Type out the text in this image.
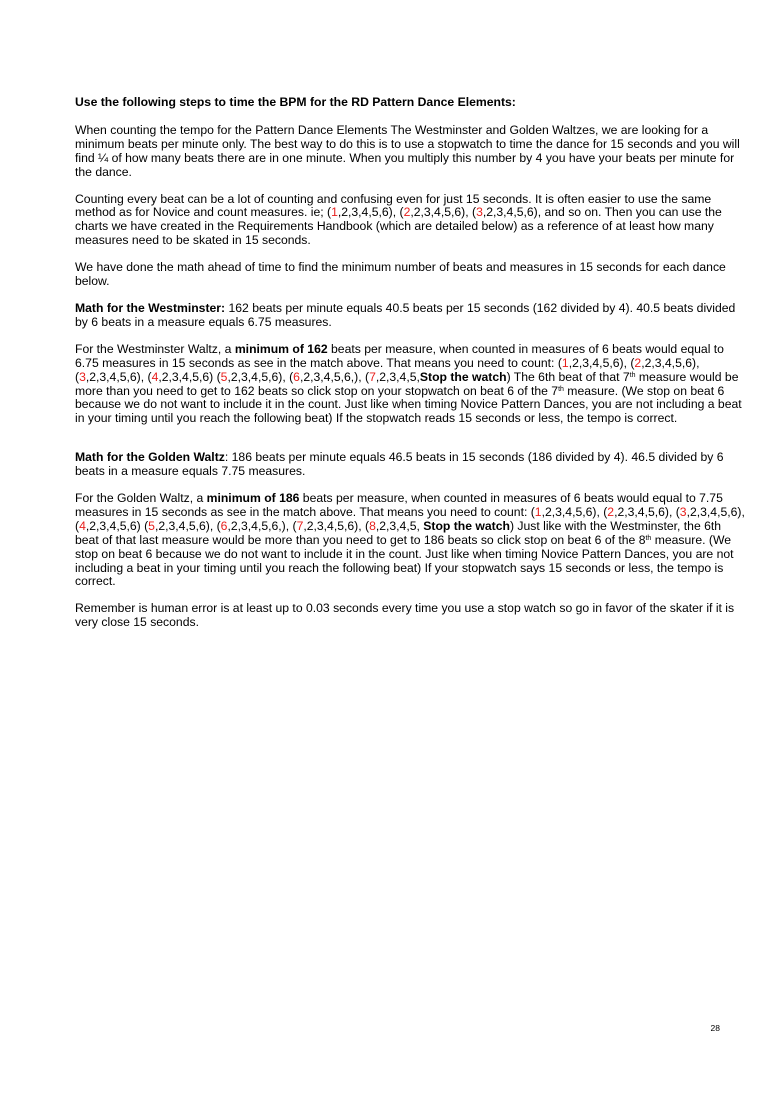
Use the following steps to time the BPM for the RD Pattern Dance Elements:

When counting the tempo for the Pattern Dance Elements The Westminster and Golden Waltzes, we are looking for a minimum beats per minute only. The best way to do this is to use a stopwatch to time the dance for 15 seconds and you will find ¼ of how many beats there are in one minute. When you multiply this number by 4 you have your beats per minute for the dance.

Counting every beat can be a lot of counting and confusing even for just 15 seconds. It is often easier to use the same method as for Novice and count measures. ie; (1,2,3,4,5,6), (2,2,3,4,5,6), (3,2,3,4,5,6), and so on. Then you can use the charts we have created in the Requirements Handbook (which are detailed below) as a reference of at least how many measures need to be skated in 15 seconds.

We have done the math ahead of time to find the minimum number of beats and measures in 15 seconds for each dance below.

Math for the Westminster: 162 beats per minute equals 40.5 beats per 15 seconds (162 divided by 4). 40.5 beats divided by 6 beats in a measure equals 6.75 measures.

For the Westminster Waltz, a minimum of 162 beats per measure, when counted in measures of 6 beats would equal to 6.75 measures in 15 seconds as see in the match above. That means you need to count: (1,2,3,4,5,6), (2,2,3,4,5,6), (3,2,3,4,5,6), (4,2,3,4,5,6) (5,2,3,4,5,6), (6,2,3,4,5,6,), (7,2,3,4,5,Stop the watch) The 6th beat of that 7th measure would be more than you need to get to 162 beats so click stop on your stopwatch on beat 6 of the 7th measure. (We stop on beat 6 because we do not want to include it in the count. Just like when timing Novice Pattern Dances, you are not including a beat in your timing until you reach the following beat) If the stopwatch reads 15 seconds or less, the tempo is correct.

Math for the Golden Waltz: 186 beats per minute equals 46.5 beats in 15 seconds (186 divided by 4). 46.5 divided by 6 beats in a measure equals 7.75 measures.

For the Golden Waltz, a minimum of 186 beats per measure, when counted in measures of 6 beats would equal to 7.75 measures in 15 seconds as see in the match above. That means you need to count: (1,2,3,4,5,6), (2,2,3,4,5,6), (3,2,3,4,5,6), (4,2,3,4,5,6) (5,2,3,4,5,6), (6,2,3,4,5,6,), (7,2,3,4,5,6), (8,2,3,4,5, Stop the watch) Just like with the Westminster, the 6th beat of that last measure would be more than you need to get to 186 beats so click stop on beat 6 of the 8th measure. (We stop on beat 6 because we do not want to include it in the count. Just like when timing Novice Pattern Dances, you are not including a beat in your timing until you reach the following beat) If your stopwatch says 15 seconds or less, the tempo is correct.

Remember is human error is at least up to 0.03 seconds every time you use a stop watch so go in favor of the skater if it is very close 15 seconds.

28
